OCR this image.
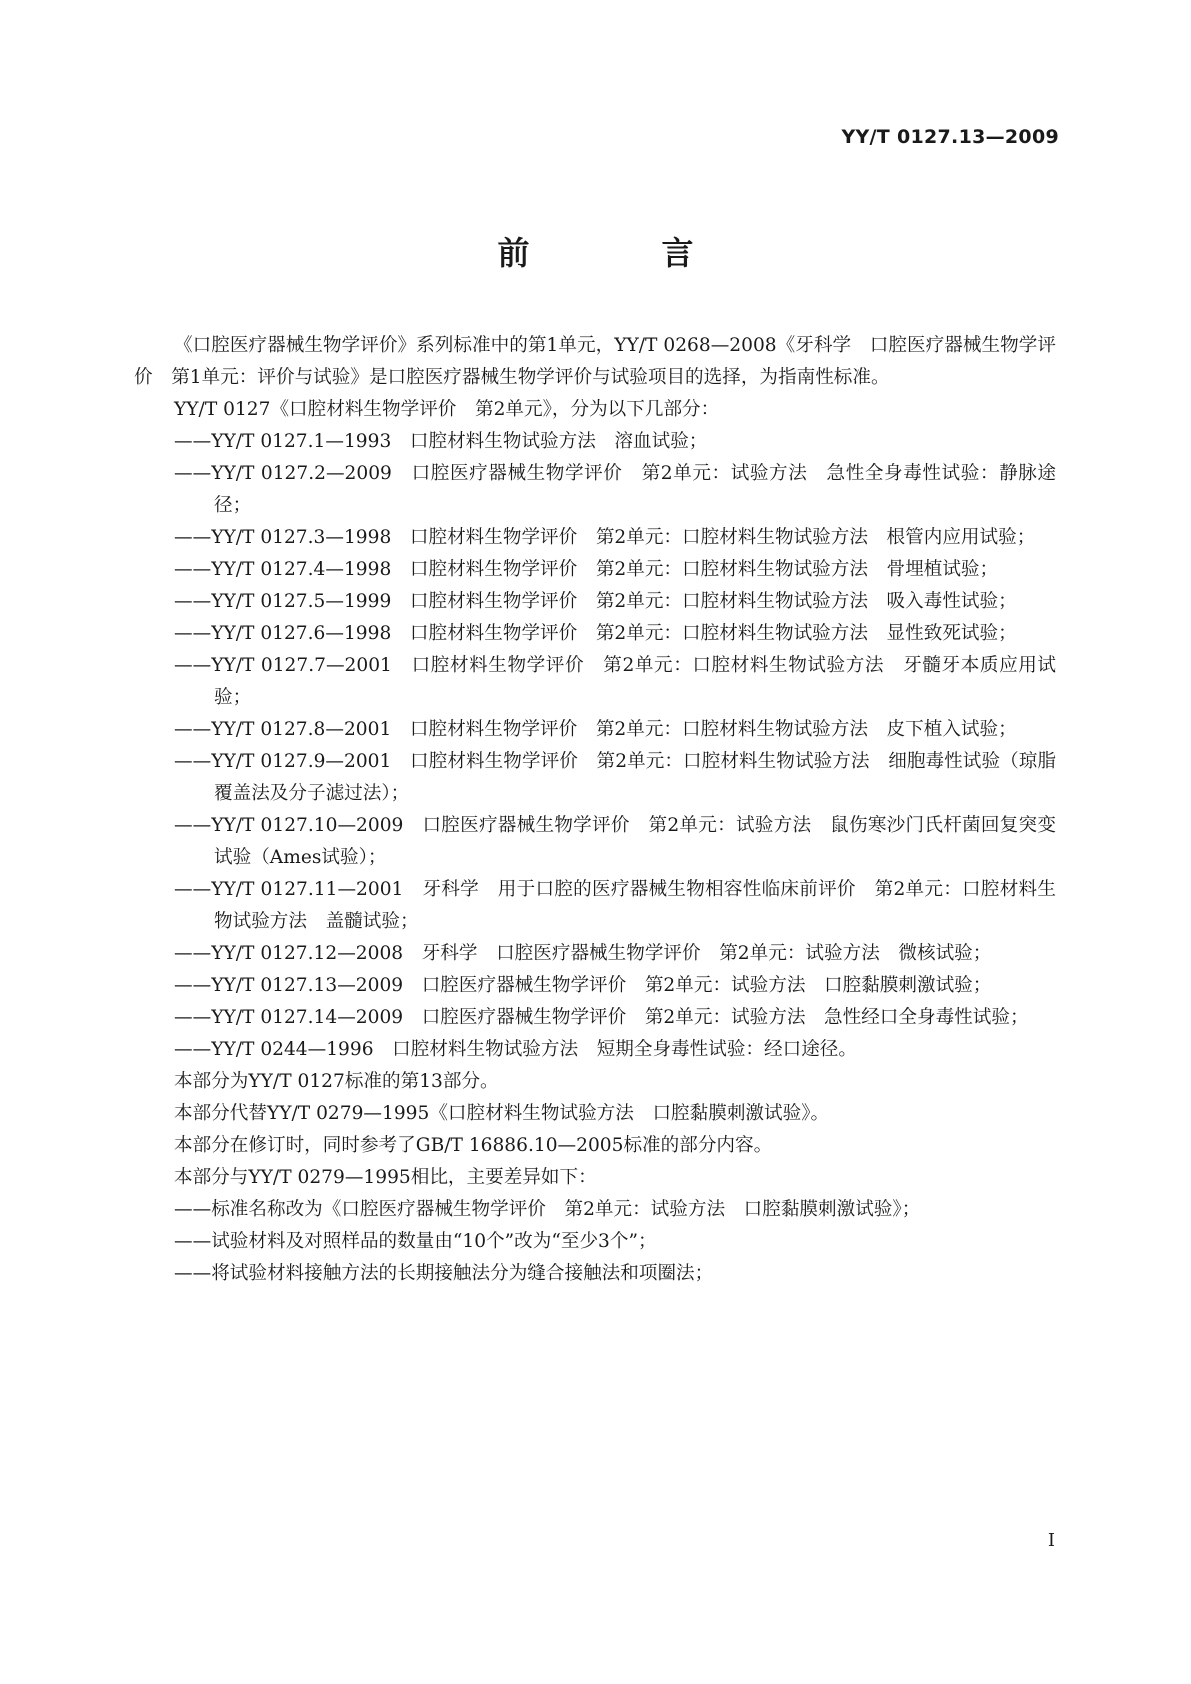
YY/T 0127.13—2009
前　言
《口腔医疗器械生物学评价》系列标准中的第1单元，YY/T 0268—2008《牙科学　口腔医疗器械生物学评价　第1单元：评价与试验》是口腔医疗器械生物学评价与试验项目的选择，为指南性标准。
YY/T 0127《口腔材料生物学评价　第2单元》，分为以下几部分：
——YY/T 0127.1—1993　口腔材料生物试验方法　溶血试验；
——YY/T 0127.2—2009　口腔医疗器械生物学评价　第2单元：试验方法　急性全身毒性试验：静脉途径；
——YY/T 0127.3—1998　口腔材料生物学评价　第2单元：口腔材料生物试验方法　根管内应用试验；
——YY/T 0127.4—1998　口腔材料生物学评价　第2单元：口腔材料生物试验方法　骨埋植试验；
——YY/T 0127.5—1999　口腔材料生物学评价　第2单元：口腔材料生物试验方法　吸入毒性试验；
——YY/T 0127.6—1998　口腔材料生物学评价　第2单元：口腔材料生物试验方法　显性致死试验；
——YY/T 0127.7—2001　口腔材料生物学评价　第2单元：口腔材料生物试验方法　牙髓牙本质应用试验；
——YY/T 0127.8—2001　口腔材料生物学评价　第2单元：口腔材料生物试验方法　皮下植入试验；
——YY/T 0127.9—2001　口腔材料生物学评价　第2单元：口腔材料生物试验方法　细胞毒性试验（琼脂覆盖法及分子滤过法）；
——YY/T 0127.10—2009　口腔医疗器械生物学评价　第2单元：试验方法　鼠伤寒沙门氏杆菌回复突变试验（Ames试验）；
——YY/T 0127.11—2001　牙科学　用于口腔的医疗器械生物相容性临床前评价　第2单元：口腔材料生物试验方法　盖髓试验；
——YY/T 0127.12—2008　牙科学　口腔医疗器械生物学评价　第2单元：试验方法　微核试验；
——YY/T 0127.13—2009　口腔医疗器械生物学评价　第2单元：试验方法　口腔黏膜刺激试验；
——YY/T 0127.14—2009　口腔医疗器械生物学评价　第2单元：试验方法　急性经口全身毒性试验；
——YY/T 0244—1996　口腔材料生物试验方法　短期全身毒性试验：经口途径。
本部分为YY/T 0127标准的第13部分。
本部分代替YY/T 0279—1995《口腔材料生物试验方法　口腔黏膜刺激试验》。
本部分在修订时，同时参考了GB/T 16886.10—2005标准的部分内容。
本部分与YY/T 0279—1995相比，主要差异如下：
——标准名称改为《口腔医疗器械生物学评价　第2单元：试验方法　口腔黏膜刺激试验》；
——试验材料及对照样品的数量由“10个”改为“至少3个”；
——将试验材料接触方法的长期接触法分为缝合接触法和项圈法；
I
